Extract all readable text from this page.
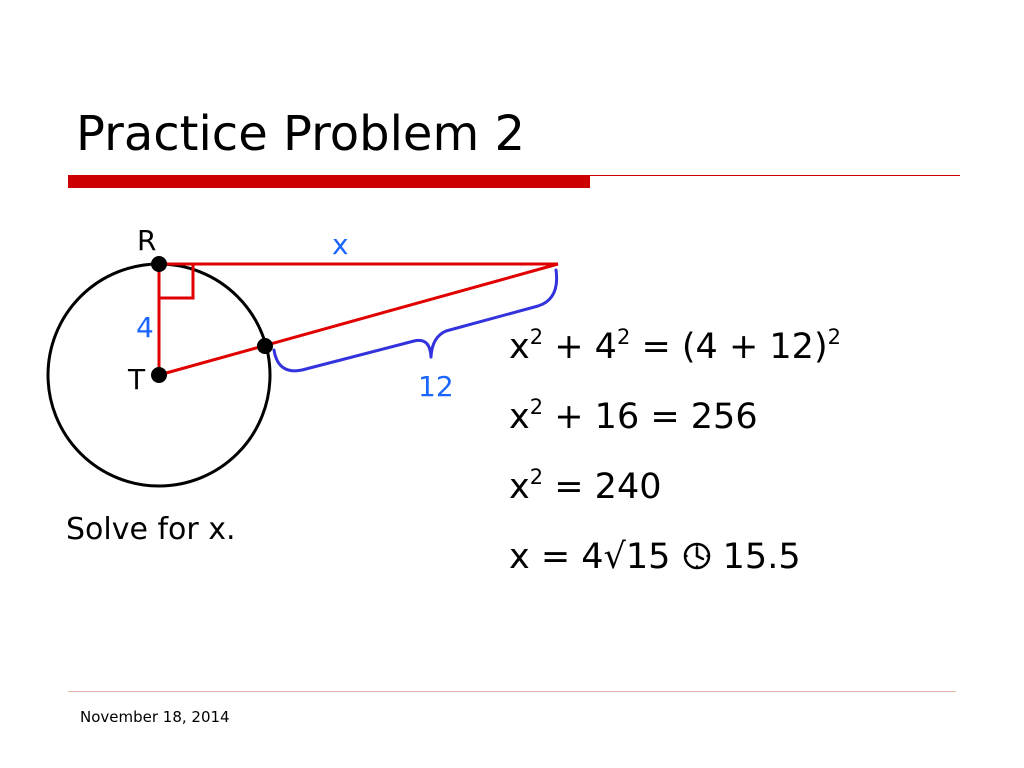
Practice Problem 2
R
T
x
4
12
Solve for x.
$x^2 + 4^2 = (4 + 12)^2$
$x^2 + 16 = 256$
$x^2 = 240$
x = 4√15  15.5
November 18, 2014
